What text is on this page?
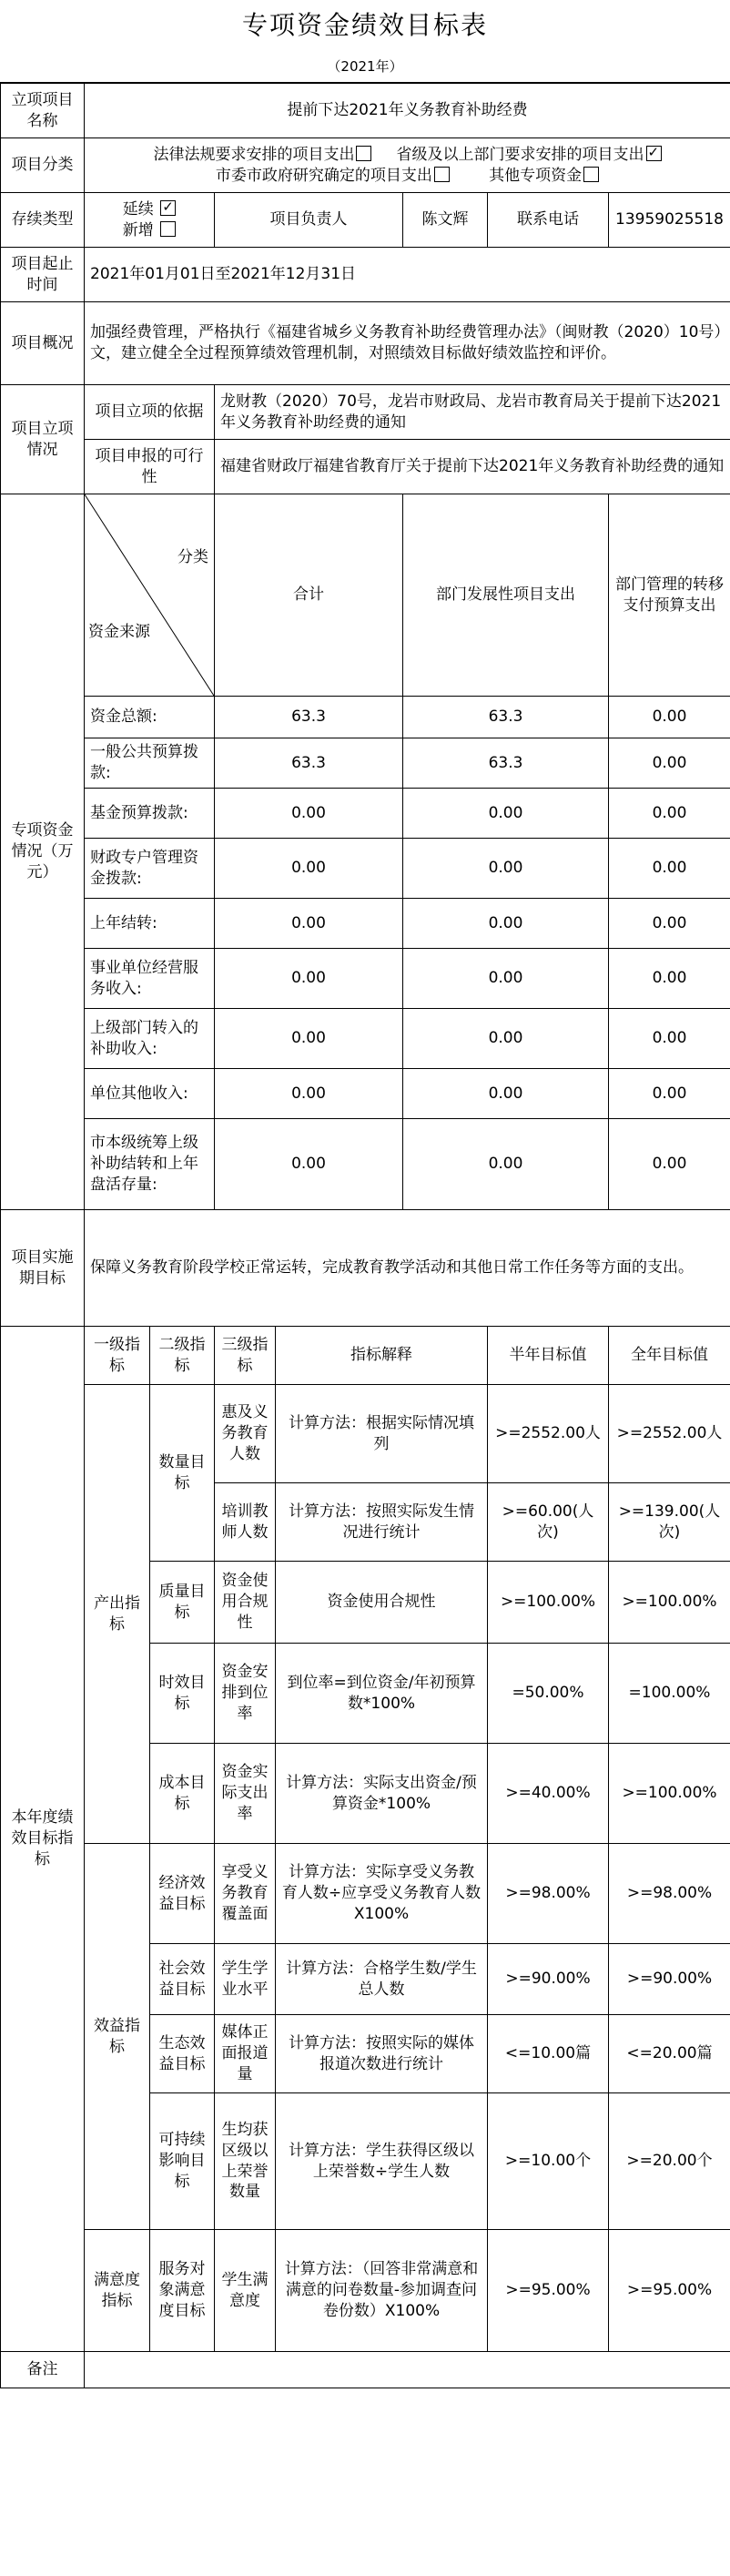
专项资金绩效目标表
（2021年）
立项项目名称	提前下达2021年义务教育补助经费						
项目分类	法律法规要求安排的项目支出 省级及以上部门要求安排的项目支出✓
市委市政府研究确定的项目支出 其他专项资金
存续类型	延续 ✓
新增		项目负责人		陈文辉	联系电话	13959025518
项目起止时间	2021年01月01日至2021年12月31日						
项目概况	加强经费管理，严格执行《福建省城乡义务教育补助经费管理办法》（闽财教（2020）10号）文，建立健全全过程预算绩效管理机制，对照绩效目标做好绩效监控和评价。						
项目立项情况	项目立项的依据		龙财教（2020）70号，龙岩市财政局、龙岩市教育局关于提前下达2021年义务教育补助经费的通知				
	项目申报的可行性		福建省财政厅福建省教育厅关于提前下达2021年义务教育补助经费的通知				
专项资金情况（万元）	分类
资金来源		合计		部门发展性项目支出		部门管理的转移支付预算支出
	资金总额:		63.3		63.3		0.00
	一般公共预算拨款:		63.3		63.3		0.00
	基金预算拨款:		0.00		0.00		0.00
	财政专户管理资金拨款:		0.00		0.00		0.00
	上年结转:		0.00		0.00		0.00
	事业单位经营服务收入:		0.00		0.00		0.00
	上级部门转入的补助收入:		0.00		0.00		0.00
	单位其他收入:		0.00		0.00		0.00
	市本级统筹上级补助结转和上年盘活存量:		0.00		0.00		0.00
项目实施期目标	保障义务教育阶段学校正常运转，完成教育教学活动和其他日常工作任务等方面的支出。						
本年度绩效目标指标	一级指标	二级指标	三级指标	指标解释		半年目标值	全年目标值
	产出指标	数量目标	惠及义务教育人数	计算方法：根据实际情况填列		>=2552.00人	>=2552.00人
			培训教师人数	计算方法：按照实际发生情况进行统计		>=60.00(人次)	>=139.00(人次)
		质量目标	资金使用合规性	资金使用合规性		>=100.00%	>=100.00%
		时效目标	资金安排到位率	到位率=到位资金/年初预算数*100%		=50.00%	=100.00%
		成本目标	资金实际支出率	计算方法：实际支出资金/预算资金*100%		>=40.00%	>=100.00%
	效益指标	经济效益目标	享受义务教育覆盖面	计算方法：实际享受义务教育人数÷应享受义务教育人数X100%		>=98.00%	>=98.00%
		社会效益目标	学生学业水平	计算方法：合格学生数/学生总人数		>=90.00%	>=90.00%
		生态效益目标	媒体正面报道量	计算方法：按照实际的媒体报道次数进行统计		<=10.00篇	<=20.00篇
		可持续影响目标	生均获区级以上荣誉数量	计算方法：学生获得区级以上荣誉数÷学生人数		>=10.00个	>=20.00个
	满意度指标	服务对象满意度目标	学生满意度	计算方法：（回答非常满意和满意的问卷数量-参加调查问卷份数）X100%		>=95.00%	>=95.00%
备注							
